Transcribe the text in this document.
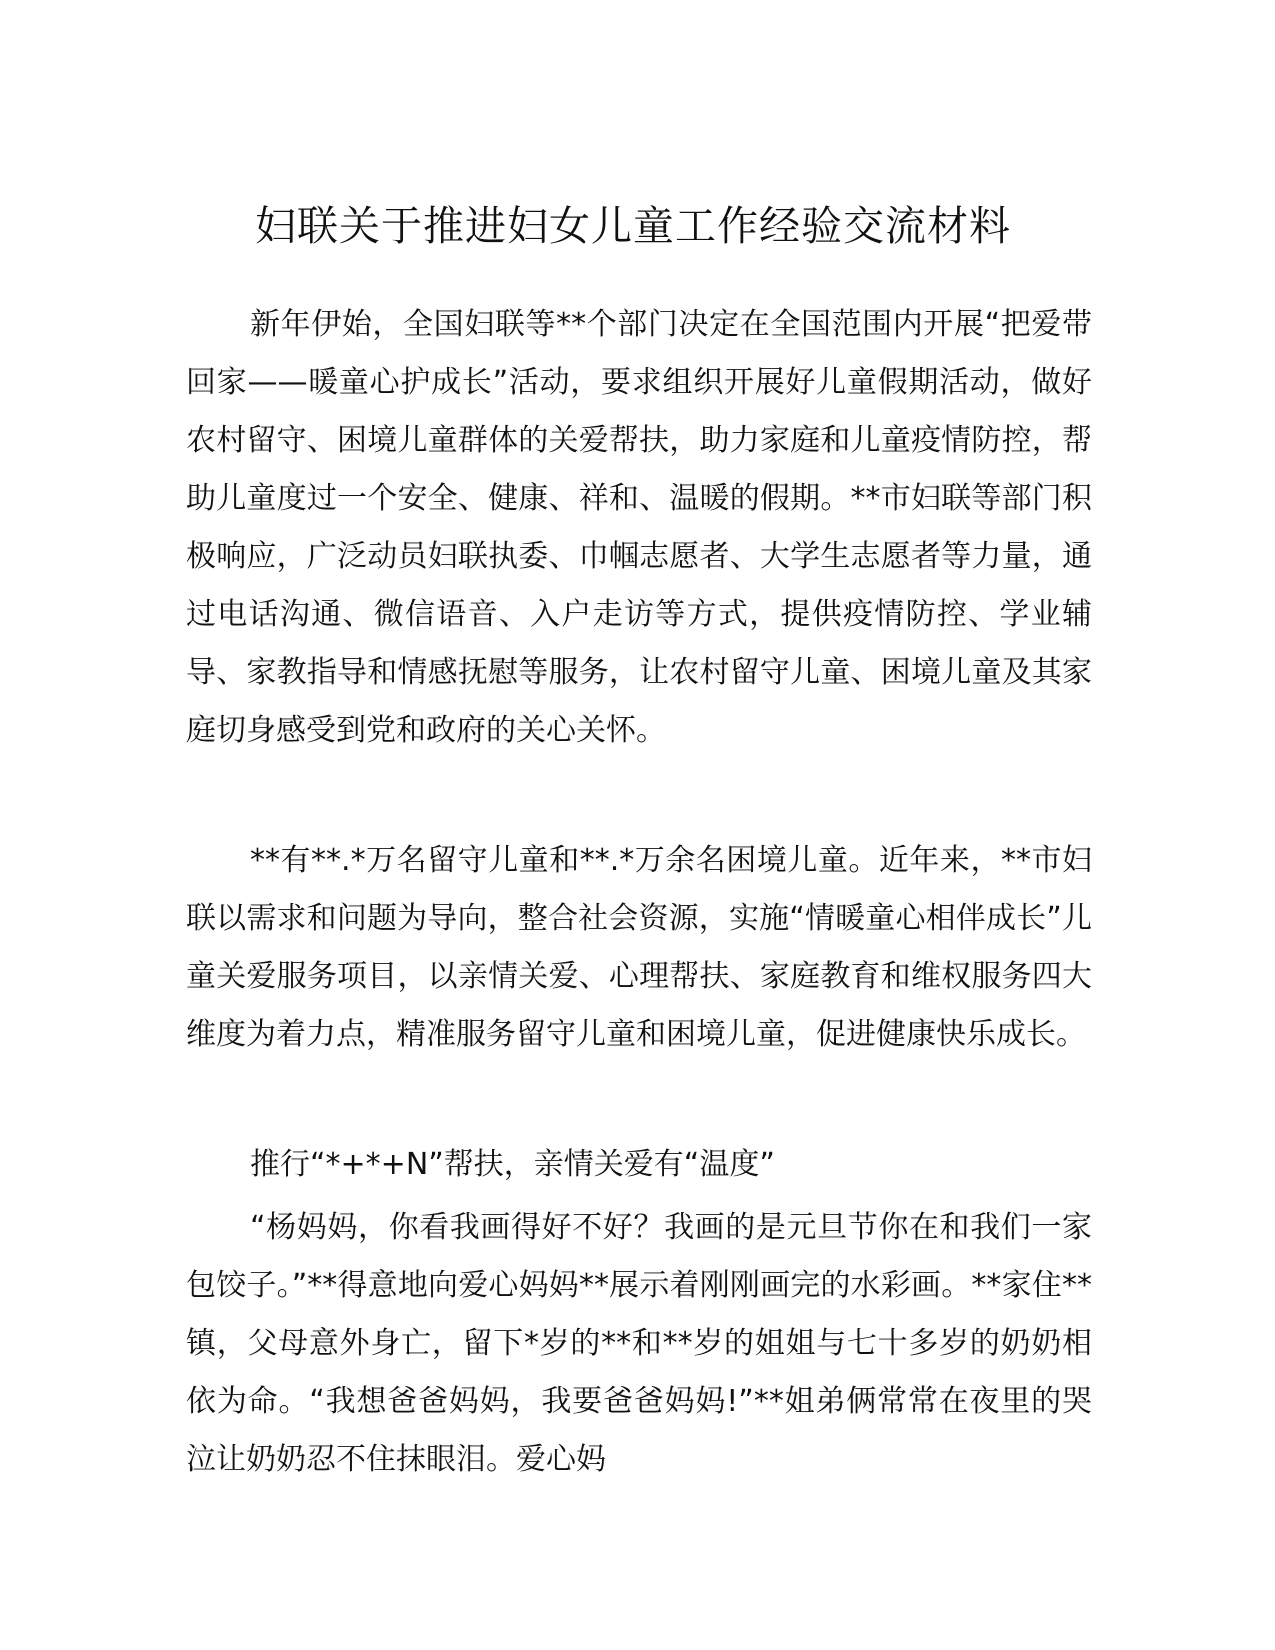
妇联关于推进妇女儿童工作经验交流材料

新年伊始，全国妇联等**个部门决定在全国范围内开展“把爱带回家——暖童心护成长”活动，要求组织开展好儿童假期活动，做好农村留守、困境儿童群体的关爱帮扶，助力家庭和儿童疫情防控，帮助儿童度过一个安全、健康、祥和、温暖的假期。**市妇联等部门积极响应，广泛动员妇联执委、巾帼志愿者、大学生志愿者等力量，通过电话沟通、微信语音、入户走访等方式，提供疫情防控、学业辅导、家教指导和情感抚慰等服务，让农村留守儿童、困境儿童及其家庭切身感受到党和政府的关心关怀。

**有**.*万名留守儿童和**.*万余名困境儿童。近年来，**市妇联以需求和问题为导向，整合社会资源，实施“情暖童心相伴成长”儿童关爱服务项目，以亲情关爱、心理帮扶、家庭教育和维权服务四大维度为着力点，精准服务留守儿童和困境儿童，促进健康快乐成长。

推行“*+*+N”帮扶，亲情关爱有“温度”

“杨妈妈，你看我画得好不好？我画的是元旦节你在和我们一家包饺子。”**得意地向爱心妈妈**展示着刚刚画完的水彩画。**家住**镇，父母意外身亡，留下*岁的**和**岁的姐姐与七十多岁的奶奶相依为命。“我想爸爸妈妈，我要爸爸妈妈!”**姐弟俩常常在夜里的哭泣让奶奶忍不住抹眼泪。爱心妈
